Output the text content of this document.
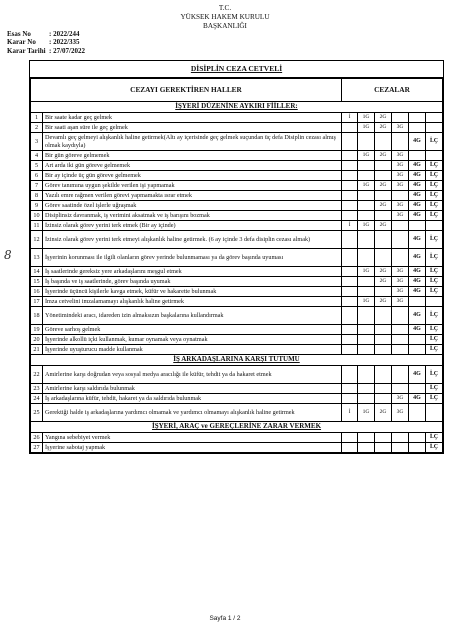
T.C.
YÜKSEK HAKEM KURULU
BAŞKANLIĞI
Esas No	: 2022/244
Karar No : 2022/335
Karar Tarihi : 27/07/2022
8
DİSİPLİN CEZA CETVELİ
CEZAYI GEREKTİREN HALLER		CEZALAR					
İŞYERİ DÜZENİNE AYKIRI FİİLLER:							
1	Bir saate kadar geç gelmek	İ	1G	2G			
2	Bir saati aşan süre ile geç gelmek		1G	2G	3G		
3	Devamlı geç gelmeyi alışkanlık haline getirmek(Altı ay içerisinde geç gelmek suçundan üç defa Disiplin cezası almış olmak kaydıyla)					4G	İ.Ç
4	Bir gün göreve gelmemek		1G	2G	3G		
5	Art arda iki gün göreve gelmemek				3G	4G	İ.Ç
6	Bir ay içinde üç gün göreve gelmemek				3G	4G	İ.Ç
7	Görev tanımına uygun şekilde verilen işi yapmamak		1G	2G	3G	4G	İ.Ç
8	Yazılı emre rağmen verilen görevi yapmamakta ısrar etmek					4G	İ.Ç
9	Görev saatinde özel işlerle uğraşmak			2G	3G	4G	İ.Ç
10	Disiplinsiz davranmak, iş verimini aksatmak ve iş barışını bozmak				3G	4G	İ.Ç
11	İzinsiz olarak görev yerini terk etmek (Bir ay içinde)	İ	1G	2G			
12	İzinsiz olarak görev yerini terk etmeyi alışkanlık haline getirmek. (6 ay içinde 3 defa disiplin cezası almak)					4G	İ.Ç
13	İşyerinin korunması ile ilgili olanların görev yerinde bulunmaması ya da görev başında uyuması					4G	İ.Ç
14	İş saatlerinde gereksiz yere arkadaşlarını meşgul etmek		1G	2G	3G	4G	İ.Ç
15	İş başında ve iş saatlerinde, görev başında uyumak			2G	3G	4G	İ.Ç
16	İşyerinde üçüncü kişilerle kavga etmek, küfür ve hakarette bulunmak				3G	4G	İ.Ç
17	İmza cetvelini imzalamamayı alışkanlık haline getirmek		1G	2G	3G		
18	Yönetimindeki aracı, idareden izin almaksızın başkalarına kullandırmak					4G	İ.Ç
19	Göreve sarhoş gelmek					4G	İ.Ç
20	İşyerinde alkollü içki kullanmak, kumar oynamak veya oynatmak						İ.Ç
21	İşyerinde uyuşturucu madde kullanmak						İ.Ç
İŞ ARKADAŞLARINA KARŞI TUTUMU							
22	Amirlerine karşı doğrudan veya sosyal medya aracılığı ile küfür, tehdit ya da hakaret etmek					4G	İ.Ç
23	Amirlerine karşı saldırıda bulunmak						İ.Ç
24	İş arkadaşlarına küfür, tehdit, hakaret ya da saldırıda bulunmak				3G	4G	İ.Ç
25	Gerektiği halde iş arkadaşlarına yardımcı olmamak ve yardımcı olmamayı alışkanlık haline getirmek	İ	1G	2G	3G		
İŞYERİ, ARAÇ ve GEREÇLERİNE ZARAR VERMEK							
26	Yangına sebebiyet vermek						İ.Ç
27	İşyerine sabotaj yapmak						İ.Ç
Sayfa 1 / 2
